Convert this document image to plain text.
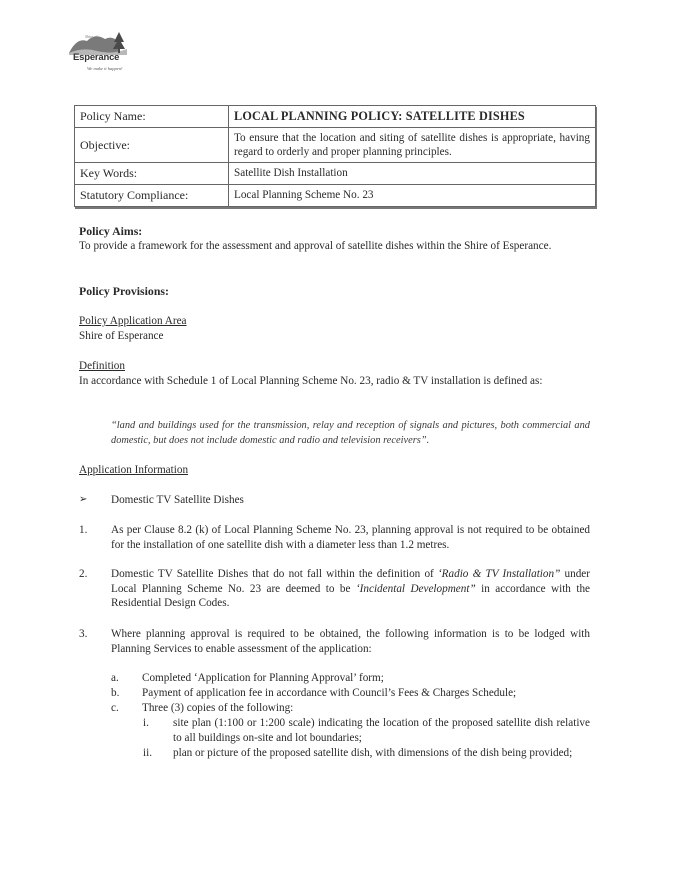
Shire of
Esperance
We make it happen!
Policy Name:	LOCAL PLANNING POLICY: SATELLITE DISHES
Objective:	To ensure that the location and siting of satellite dishes is appropriate, having regard to orderly and proper planning principles.
Key Words:	Satellite Dish Installation
Statutory Compliance:	Local Planning Scheme No. 23
Policy Aims:
To provide a framework for the assessment and approval of satellite dishes within the Shire of Esperance.
Policy Provisions:
Policy Application Area
Shire of Esperance
Definition
In accordance with Schedule 1 of Local Planning Scheme No. 23, radio & TV installation is defined as:
“land and buildings used for the transmission, relay and reception of signals and pictures, both commercial and domestic, but does not include domestic and radio and television receivers”.
Application Information
➢ Domestic TV Satellite Dishes
1. As per Clause 8.2 (k) of Local Planning Scheme No. 23, planning approval is not required to be obtained for the installation of one satellite dish with a diameter less than 1.2 metres.
2. Domestic TV Satellite Dishes that do not fall within the definition of ‘Radio & TV Installation” under Local Planning Scheme No. 23 are deemed to be ‘Incidental Development” in accordance with the Residential Design Codes.
3. Where planning approval is required to be obtained, the following information is to be lodged with Planning Services to enable assessment of the application:
a. Completed ‘Application for Planning Approval’ form;
b. Payment of application fee in accordance with Council’s Fees & Charges Schedule;
c. Three (3) copies of the following:
i. site plan (1:100 or 1:200 scale) indicating the location of the proposed satellite dish relative to all buildings on-site and lot boundaries;
ii. plan or picture of the proposed satellite dish, with dimensions of the dish being provided;
